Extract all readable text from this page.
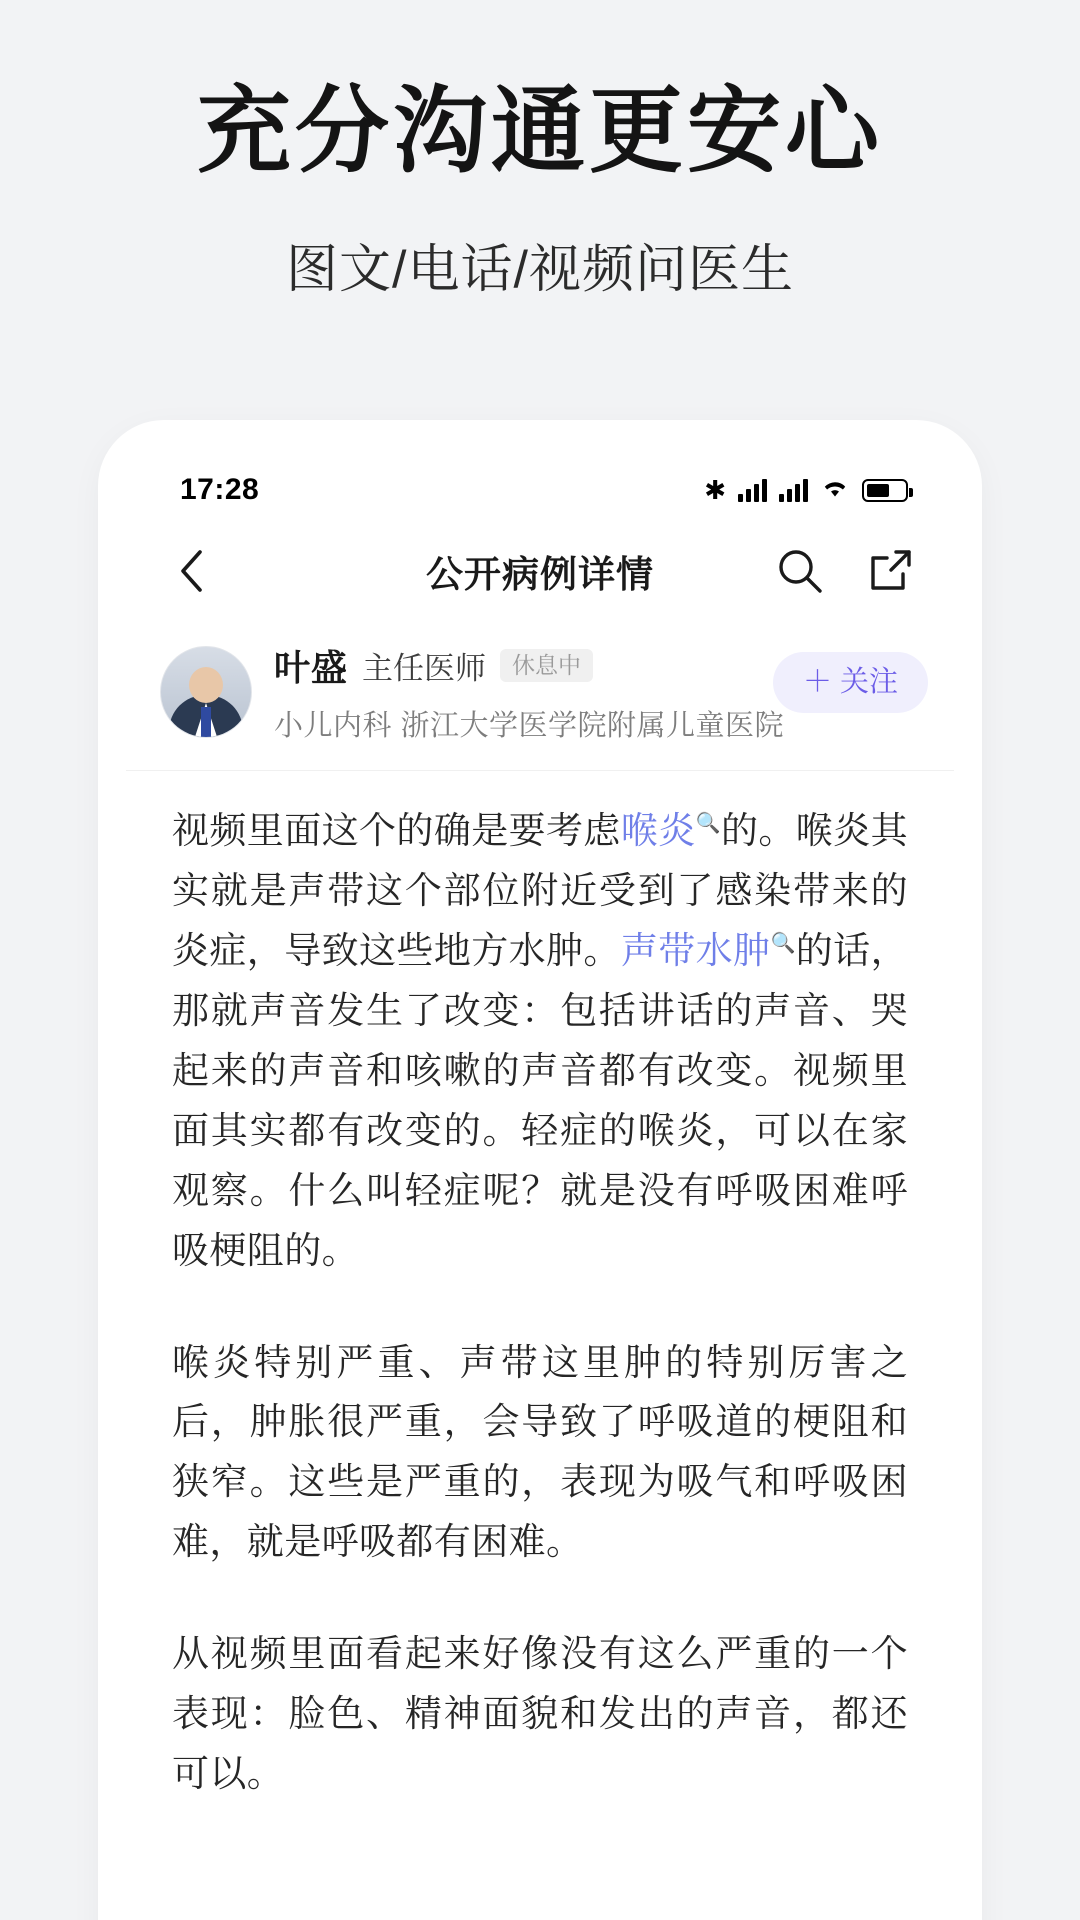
充分沟通更安心
图文/电话/视频问医生
17:28	✱
公开病例详情
叶盛 主任医师	休息中
小儿内科 浙江大学医学院附属儿童医院
＋ 关注
视频里面这个的确是要考虑喉炎🔍的。喉炎其实就是声带这个部位附近受到了感染带来的炎症，导致这些地方水肿。声带水肿🔍的话，那就声音发生了改变：包括讲话的声音、哭起来的声音和咳嗽的声音都有改变。视频里面其实都有改变的。轻症的喉炎，可以在家观察。什么叫轻症呢？就是没有呼吸困难呼吸梗阻的。
喉炎特别严重、声带这里肿的特别厉害之后，肿胀很严重，会导致了呼吸道的梗阻和狭窄。这些是严重的，表现为吸气和呼吸困难，就是呼吸都有困难。
从视频里面看起来好像没有这么严重的一个表现：脸色、精神面貌和发出的声音，都还可以。
